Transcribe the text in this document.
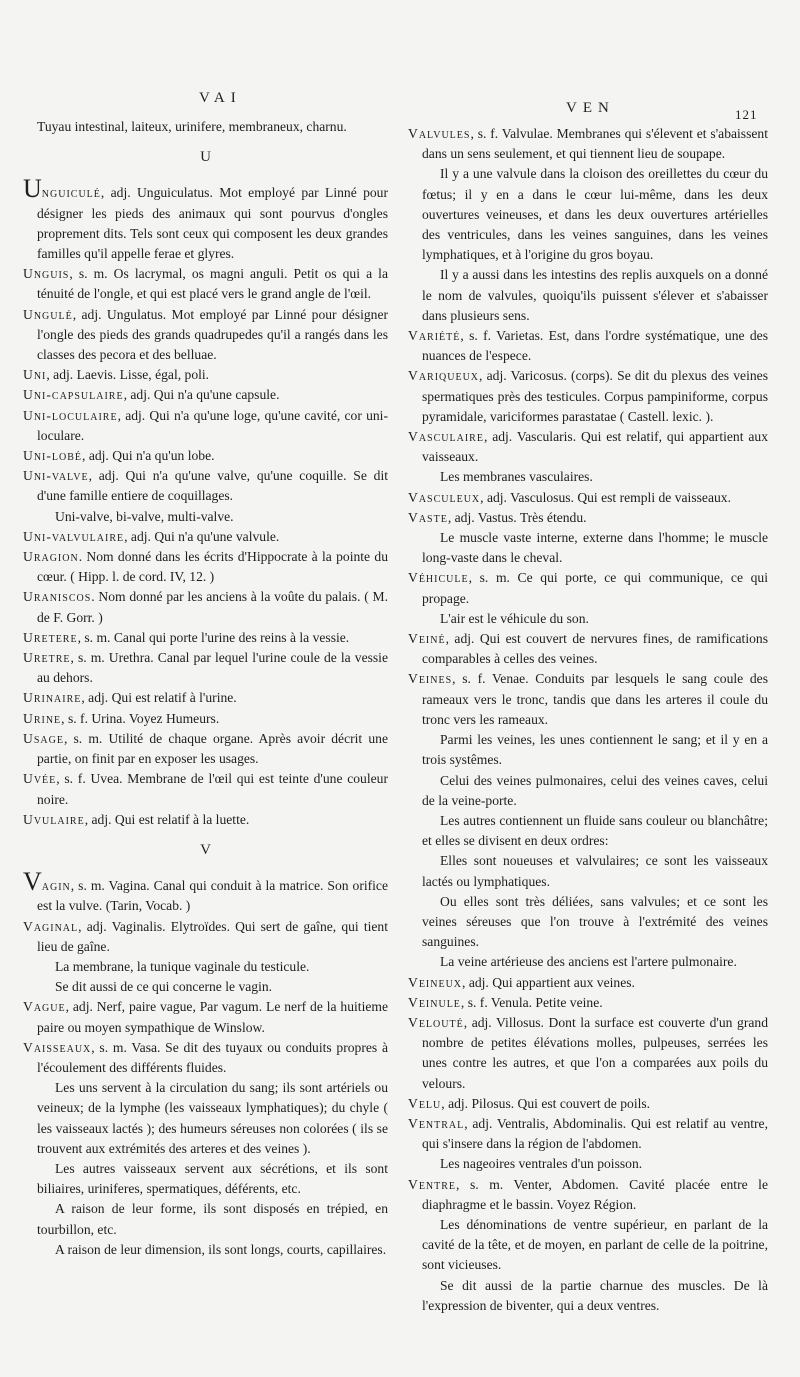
VAI
VEN	121

Tuyau intestinal, laiteux, urinifere, membraneux, charnu.

U

Unguiculé, adj. Unguiculatus. Mot employé par Linné pour désigner les pieds des animaux qui sont pourvus d'ongles proprement dits. Tels sont ceux qui composent les deux grandes familles qu'il appelle ferae et glyres.

Unguis, s. m. Os lacrymal, os magni anguli. Petit os qui a la ténuité de l'ongle, et qui est placé vers le grand angle de l'œil.

Ungulé, adj. Ungulatus. Mot employé par Linné pour désigner l'ongle des pieds des grands quadrupedes qu'il a rangés dans les classes des pecora et des belluae.

Uni, adj. Laevis. Lisse, égal, poli.

Uni-capsulaire, adj. Qui n'a qu'une capsule.

Uni-loculaire, adj. Qui n'a qu'une loge, qu'une cavité, cor uni-loculare.

Uni-lobé, adj. Qui n'a qu'un lobe.

Uni-valve, adj. Qui n'a qu'une valve, qu'une coquille. Se dit d'une famille entiere de coquillages.

Uni-valve, bi-valve, multi-valve.

Uni-valvulaire, adj. Qui n'a qu'une valvule.

Uragion. Nom donné dans les écrits d'Hippocrate à la pointe du cœur. ( Hipp. l. de cord. IV, 12. )

Uraniscos. Nom donné par les anciens à la voûte du palais. ( M. de F. Gorr. )

Uretere, s. m. Canal qui porte l'urine des reins à la vessie.

Uretre, s. m. Urethra. Canal par lequel l'urine coule de la vessie au dehors.

Urinaire, adj. Qui est relatif à l'urine.

Urine, s. f. Urina. Voyez Humeurs.

Usage, s. m. Utilité de chaque organe. Après avoir décrit une partie, on finit par en exposer les usages.

Uvée, s. f. Uvea. Membrane de l'œil qui est teinte d'une couleur noire.

Uvulaire, adj. Qui est relatif à la luette.

V

Vagin, s. m. Vagina. Canal qui conduit à la matrice. Son orifice est la vulve. (Tarin, Vocab. )

Vaginal, adj. Vaginalis. Elytroïdes. Qui sert de gaîne, qui tient lieu de gaîne.

La membrane, la tunique vaginale du testicule.

Se dit aussi de ce qui concerne le vagin.

Vague, adj. Nerf, paire vague, Par vagum. Le nerf de la huitieme paire ou moyen sympathique de Winslow.

Vaisseaux, s. m. Vasa. Se dit des tuyaux ou conduits propres à l'écoulement des différents fluides.

Les uns servent à la circulation du sang; ils sont artériels ou veineux; de la lymphe (les vaisseaux lymphatiques); du chyle ( les vaisseaux lactés ); des humeurs séreuses non colorées ( ils se trouvent aux extrémités des arteres et des veines ).

Les autres vaisseaux servent aux sécrétions, et ils sont biliaires, uriniferes, spermatiques, déférents, etc.

A raison de leur forme, ils sont disposés en trépied, en tourbillon, etc.

A raison de leur dimension, ils sont longs, courts, capillaires.

Valvules, s. f. Valvulae. Membranes qui s'élevent et s'abaissent dans un sens seulement, et qui tiennent lieu de soupape.

Il y a une valvule dans la cloison des oreillettes du cœur du fœtus; il y en a dans le cœur lui-même, dans les deux ouvertures veineuses, et dans les deux ouvertures artérielles des ventricules, dans les veines sanguines, dans les veines lymphatiques, et à l'origine du gros boyau.

Il y a aussi dans les intestins des replis auxquels on a donné le nom de valvules, quoiqu'ils puissent s'élever et s'abaisser dans plusieurs sens.

Variété, s. f. Varietas. Est, dans l'ordre systématique, une des nuances de l'espece.

Variqueux, adj. Varicosus. (corps). Se dit du plexus des veines spermatiques près des testicules. Corpus pampiniforme, corpus pyramidale, variciformes parastatae ( Castell. lexic. ).

Vasculaire, adj. Vascularis. Qui est relatif, qui appartient aux vaisseaux.

Les membranes vasculaires.

Vasculeux, adj. Vasculosus. Qui est rempli de vaisseaux.

Vaste, adj. Vastus. Très étendu.

Le muscle vaste interne, externe dans l'homme; le muscle long-vaste dans le cheval.

Véhicule, s. m. Ce qui porte, ce qui communique, ce qui propage.

L'air est le véhicule du son.

Veiné, adj. Qui est couvert de nervures fines, de ramifications comparables à celles des veines.

Veines, s. f. Venae. Conduits par lesquels le sang coule des rameaux vers le tronc, tandis que dans les arteres il coule du tronc vers les rameaux.

Parmi les veines, les unes contiennent le sang; et il y en a trois systêmes.

Celui des veines pulmonaires, celui des veines caves, celui de la veine-porte.

Les autres contiennent un fluide sans couleur ou blanchâtre; et elles se divisent en deux ordres:

Elles sont noueuses et valvulaires; ce sont les vaisseaux lactés ou lymphatiques.

Ou elles sont très déliées, sans valvules; et ce sont les veines séreuses que l'on trouve à l'extrémité des veines sanguines.

La veine artérieuse des anciens est l'artere pulmonaire.

Veineux, adj. Qui appartient aux veines.

Veinule, s. f. Venula. Petite veine.

Velouté, adj. Villosus. Dont la surface est couverte d'un grand nombre de petites élévations molles, pulpeuses, serrées les unes contre les autres, et que l'on a comparées aux poils du velours.

Velu, adj. Pilosus. Qui est couvert de poils.

Ventral, adj. Ventralis, Abdominalis. Qui est relatif au ventre, qui s'insere dans la région de l'abdomen.

Les nageoires ventrales d'un poisson.

Ventre, s. m. Venter, Abdomen. Cavité placée entre le diaphragme et le bassin. Voyez Région.

Les dénominations de ventre supérieur, en parlant de la cavité de la tête, et de moyen, en parlant de celle de la poitrine, sont vicieuses.

Se dit aussi de la partie charnue des muscles. De là l'expression de biventer, qui a deux ventres.
